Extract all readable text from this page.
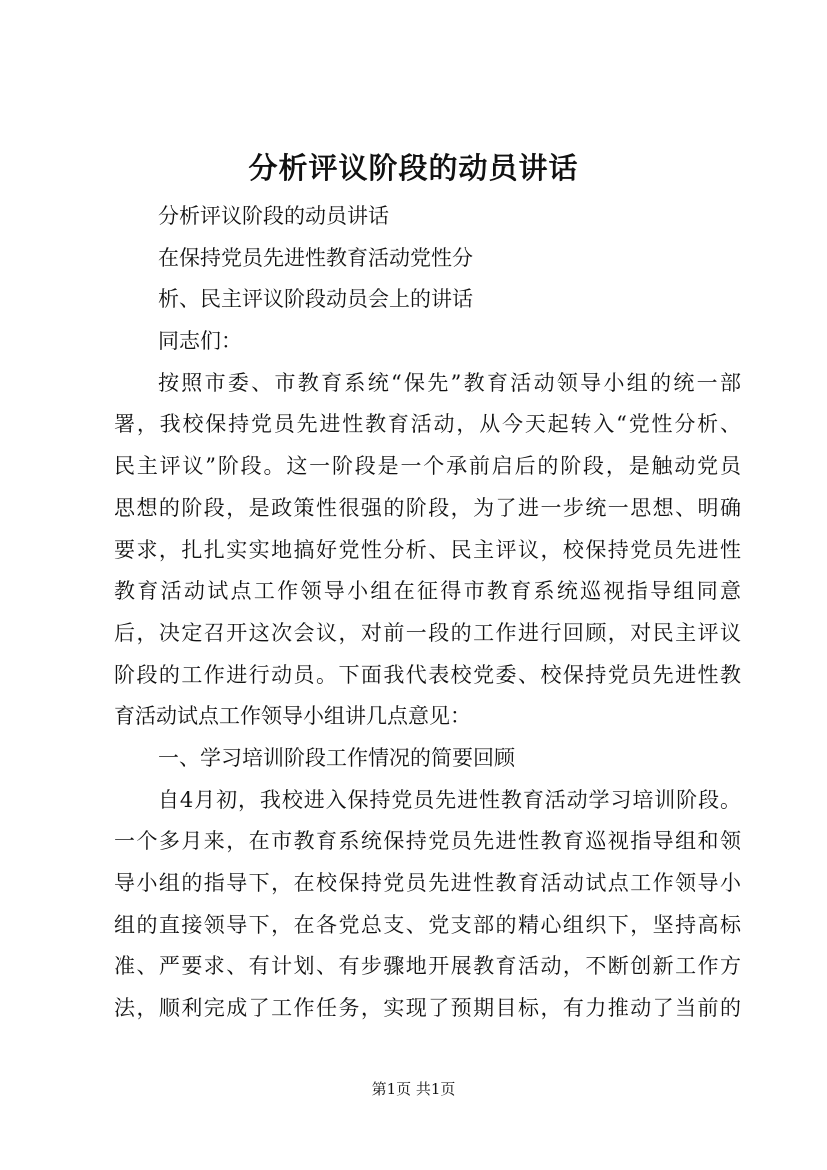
分析评议阶段的动员讲话
分析评议阶段的动员讲话
在保持党员先进性教育活动党性分
析、民主评议阶段动员会上的讲话
同志们：
按照市委、市教育系统“保先”教育活动领导小组的统一部
署，我校保持党员先进性教育活动，从今天起转入“党性分析、
民主评议”阶段。这一阶段是一个承前启后的阶段，是触动党员
思想的阶段，是政策性很强的阶段，为了进一步统一思想、明确
要求，扎扎实实地搞好党性分析、民主评议，校保持党员先进性
教育活动试点工作领导小组在征得市教育系统巡视指导组同意
后，决定召开这次会议，对前一段的工作进行回顾，对民主评议
阶段的工作进行动员。下面我代表校党委、校保持党员先进性教
育活动试点工作领导小组讲几点意见：
一、学习培训阶段工作情况的简要回顾
自4月初，我校进入保持党员先进性教育活动学习培训阶段。
一个多月来，在市教育系统保持党员先进性教育巡视指导组和领
导小组的指导下，在校保持党员先进性教育活动试点工作领导小
组的直接领导下，在各党总支、党支部的精心组织下，坚持高标
准、严要求、有计划、有步骤地开展教育活动，不断创新工作方
法，顺利完成了工作任务，实现了预期目标，有力推动了当前的
第1页 共1页
